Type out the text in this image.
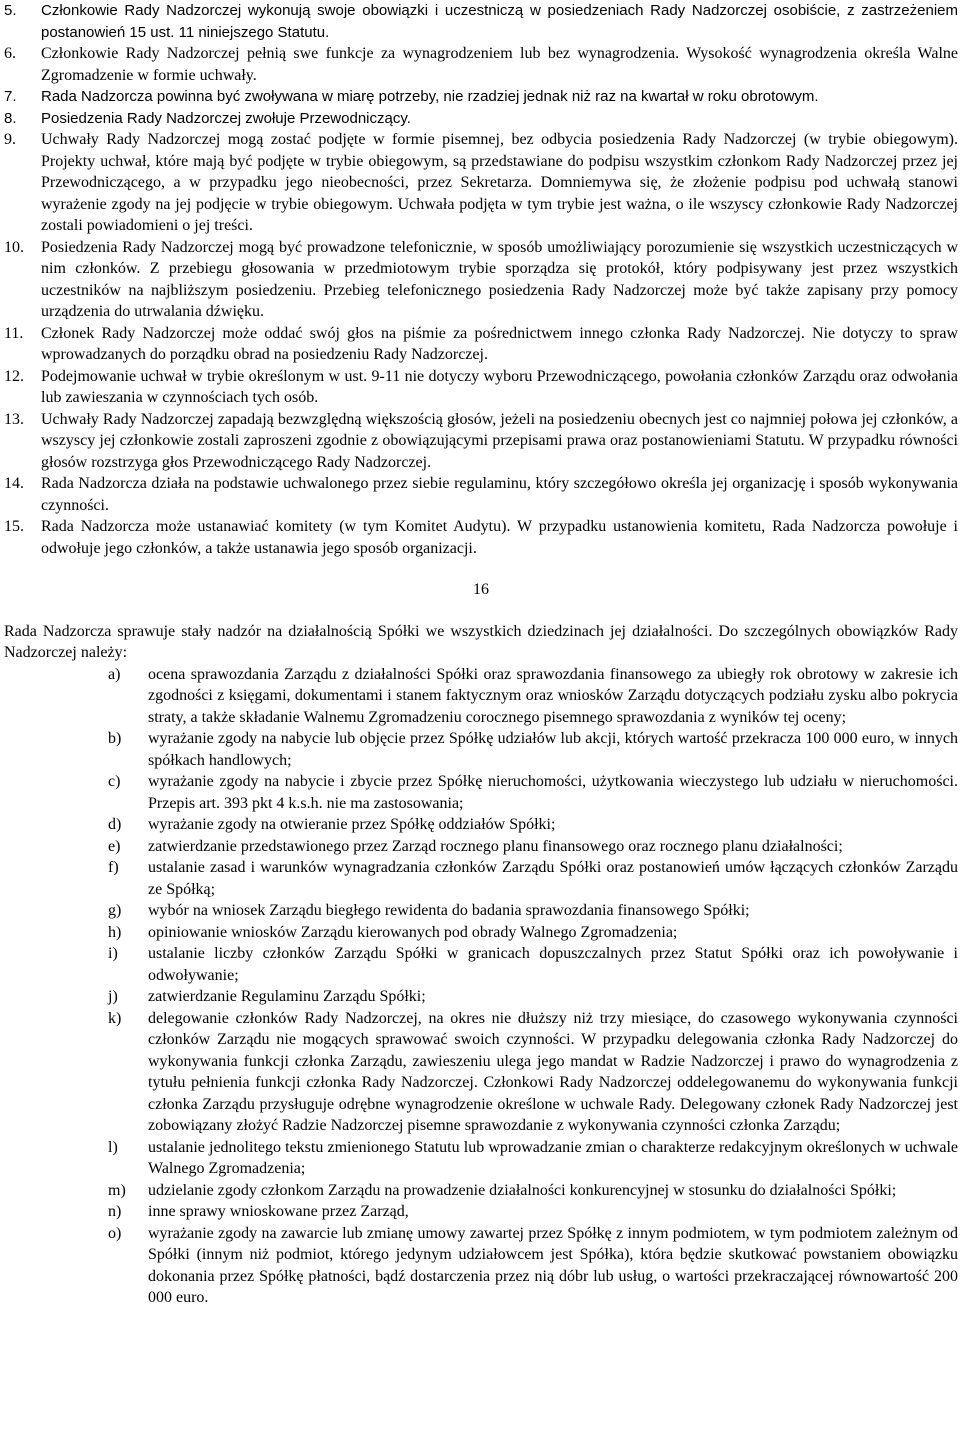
5. Członkowie Rady Nadzorczej wykonują swoje obowiązki i uczestniczą w posiedzeniach Rady Nadzorczej osobiście, z zastrzeżeniem postanowień 15 ust. 11 niniejszego Statutu.
6. Członkowie Rady Nadzorczej pełnią swe funkcje za wynagrodzeniem lub bez wynagrodzenia. Wysokość wynagrodzenia określa Walne Zgromadzenie w formie uchwały.
7. Rada Nadzorcza powinna być zwoływana w miarę potrzeby, nie rzadziej jednak niż raz na kwartał w roku obrotowym.
8. Posiedzenia Rady Nadzorczej zwołuje Przewodniczący.
9. Uchwały Rady Nadzorczej mogą zostać podjęte w formie pisemnej, bez odbycia posiedzenia Rady Nadzorczej (w trybie obiegowym). Projekty uchwał, które mają być podjęte w trybie obiegowym, są przedstawiane do podpisu wszystkim członkom Rady Nadzorczej przez jej Przewodniczącego, a w przypadku jego nieobecności, przez Sekretarza. Domniemywa się, że złożenie podpisu pod uchwałą stanowi wyrażenie zgody na jej podjęcie w trybie obiegowym. Uchwała podjęta w tym trybie jest ważna, o ile wszyscy członkowie Rady Nadzorczej zostali powiadomieni o jej treści.
10. Posiedzenia Rady Nadzorczej mogą być prowadzone telefonicznie, w sposób umożliwiający porozumienie się wszystkich uczestniczących w nim członków. Z przebiegu głosowania w przedmiotowym trybie sporządza się protokół, który podpisywany jest przez wszystkich uczestników na najbliższym posiedzeniu. Przebieg telefonicznego posiedzenia Rady Nadzorczej może być także zapisany przy pomocy urządzenia do utrwalania dźwięku.
11. Członek Rady Nadzorczej może oddać swój głos na piśmie za pośrednictwem innego członka Rady Nadzorczej. Nie dotyczy to spraw wprowadzanych do porządku obrad na posiedzeniu Rady Nadzorczej.
12. Podejmowanie uchwał w trybie określonym w ust. 9-11 nie dotyczy wyboru Przewodniczącego, powołania członków Zarządu oraz odwołania lub zawieszania w czynnościach tych osób.
13. Uchwały Rady Nadzorczej zapadają bezwzględną większością głosów, jeżeli na posiedzeniu obecnych jest co najmniej połowa jej członków, a wszyscy jej członkowie zostali zaproszeni zgodnie z obowiązującymi przepisami prawa oraz postanowieniami Statutu. W przypadku równości głosów rozstrzyga głos Przewodniczącego Rady Nadzorczej.
14. Rada Nadzorcza działa na podstawie uchwalonego przez siebie regulaminu, który szczegółowo określa jej organizację i sposób wykonywania czynności.
15. Rada Nadzorcza może ustanawiać komitety (w tym Komitet Audytu). W przypadku ustanowienia komitetu, Rada Nadzorcza powołuje i odwołuje jego członków, a także ustanawia jego sposób organizacji.
16
Rada Nadzorcza sprawuje stały nadzór na działalnością Spółki we wszystkich dziedzinach jej działalności. Do szczególnych obowiązków Rady Nadzorczej należy:
a) ocena sprawozdania Zarządu z działalności Spółki oraz sprawozdania finansowego za ubiegły rok obrotowy w zakresie ich zgodności z księgami, dokumentami i stanem faktycznym oraz wniosków Zarządu dotyczących podziału zysku albo pokrycia straty, a także składanie Walnemu Zgromadzeniu corocznego pisemnego sprawozdania z wyników tej oceny;
b) wyrażanie zgody na nabycie lub objęcie przez Spółkę udziałów lub akcji, których wartość przekracza 100 000 euro, w innych spółkach handlowych;
c) wyrażanie zgody na nabycie i zbycie przez Spółkę nieruchomości, użytkowania wieczystego lub udziału w nieruchomości. Przepis art. 393 pkt 4 k.s.h. nie ma zastosowania;
d) wyrażanie zgody na otwieranie przez Spółkę oddziałów Spółki;
e) zatwierdzanie przedstawionego przez Zarząd rocznego planu finansowego oraz rocznego planu działalności;
f) ustalanie zasad i warunków wynagradzania członków Zarządu Spółki oraz postanowień umów łączących członków Zarządu ze Spółką;
g) wybór na wniosek Zarządu biegłego rewidenta do badania sprawozdania finansowego Spółki;
h) opiniowanie wniosków Zarządu kierowanych pod obrady Walnego Zgromadzenia;
i) ustalanie liczby członków Zarządu Spółki w granicach dopuszczalnych przez Statut Spółki oraz ich powoływanie i odwoływanie;
j) zatwierdzanie Regulaminu Zarządu Spółki;
k) delegowanie członków Rady Nadzorczej, na okres nie dłuższy niż trzy miesiące, do czasowego wykonywania czynności członków Zarządu nie mogących sprawować swoich czynności. W przypadku delegowania członka Rady Nadzorczej do wykonywania funkcji członka Zarządu, zawieszeniu ulega jego mandat w Radzie Nadzorczej i prawo do wynagrodzenia z tytułu pełnienia funkcji członka Rady Nadzorczej. Członkowi Rady Nadzorczej oddelegowanemu do wykonywania funkcji członka Zarządu przysługuje odrębne wynagrodzenie określone w uchwale Rady. Delegowany członek Rady Nadzorczej jest zobowiązany złożyć Radzie Nadzorczej pisemne sprawozdanie z wykonywania czynności członka Zarządu;
l) ustalanie jednolitego tekstu zmienionego Statutu lub wprowadzanie zmian o charakterze redakcyjnym określonych w uchwale Walnego Zgromadzenia;
m) udzielanie zgody członkom Zarządu na prowadzenie działalności konkurencyjnej w stosunku do działalności Spółki;
n) inne sprawy wnioskowane przez Zarząd,
o) wyrażanie zgody na zawarcie lub zmianę umowy zawartej przez Spółkę z innym podmiotem, w tym podmiotem zależnym od Spółki (innym niż podmiot, którego jedynym udziałowcem jest Spółka), która będzie skutkować powstaniem obowiązku dokonania przez Spółkę płatności, bądź dostarczenia przez nią dóbr lub usług, o wartości przekraczającej równowartość 200 000 euro.
